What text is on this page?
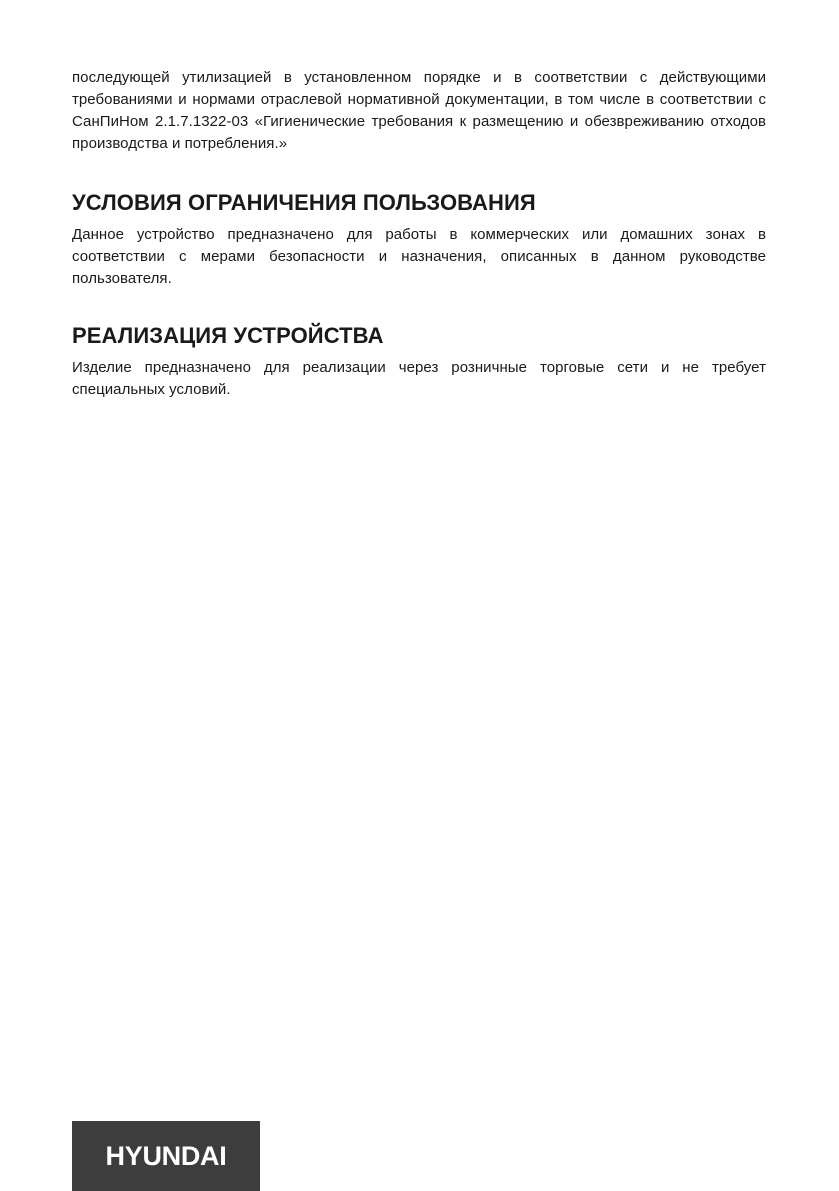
последующей утилизацией в установленном порядке и в соответствии с действующими требованиями и нормами отраслевой нормативной документации, в том числе в соответствии с СанПиНом 2.1.7.1322-03 «Гигиенические требования к размещению и обезвреживанию отходов производства и потребления.»

УСЛОВИЯ ОГРАНИЧЕНИЯ ПОЛЬЗОВАНИЯ

Данное устройство предназначено для работы в коммерческих или домашних зонах в соответствии с мерами безопасности и назначения, описанных в данном руководстве пользователя.

РЕАЛИЗАЦИЯ УСТРОЙСТВА

Изделие предназначено для реализации через розничные торговые сети и не требует специальных условий.

HYUNDAI
